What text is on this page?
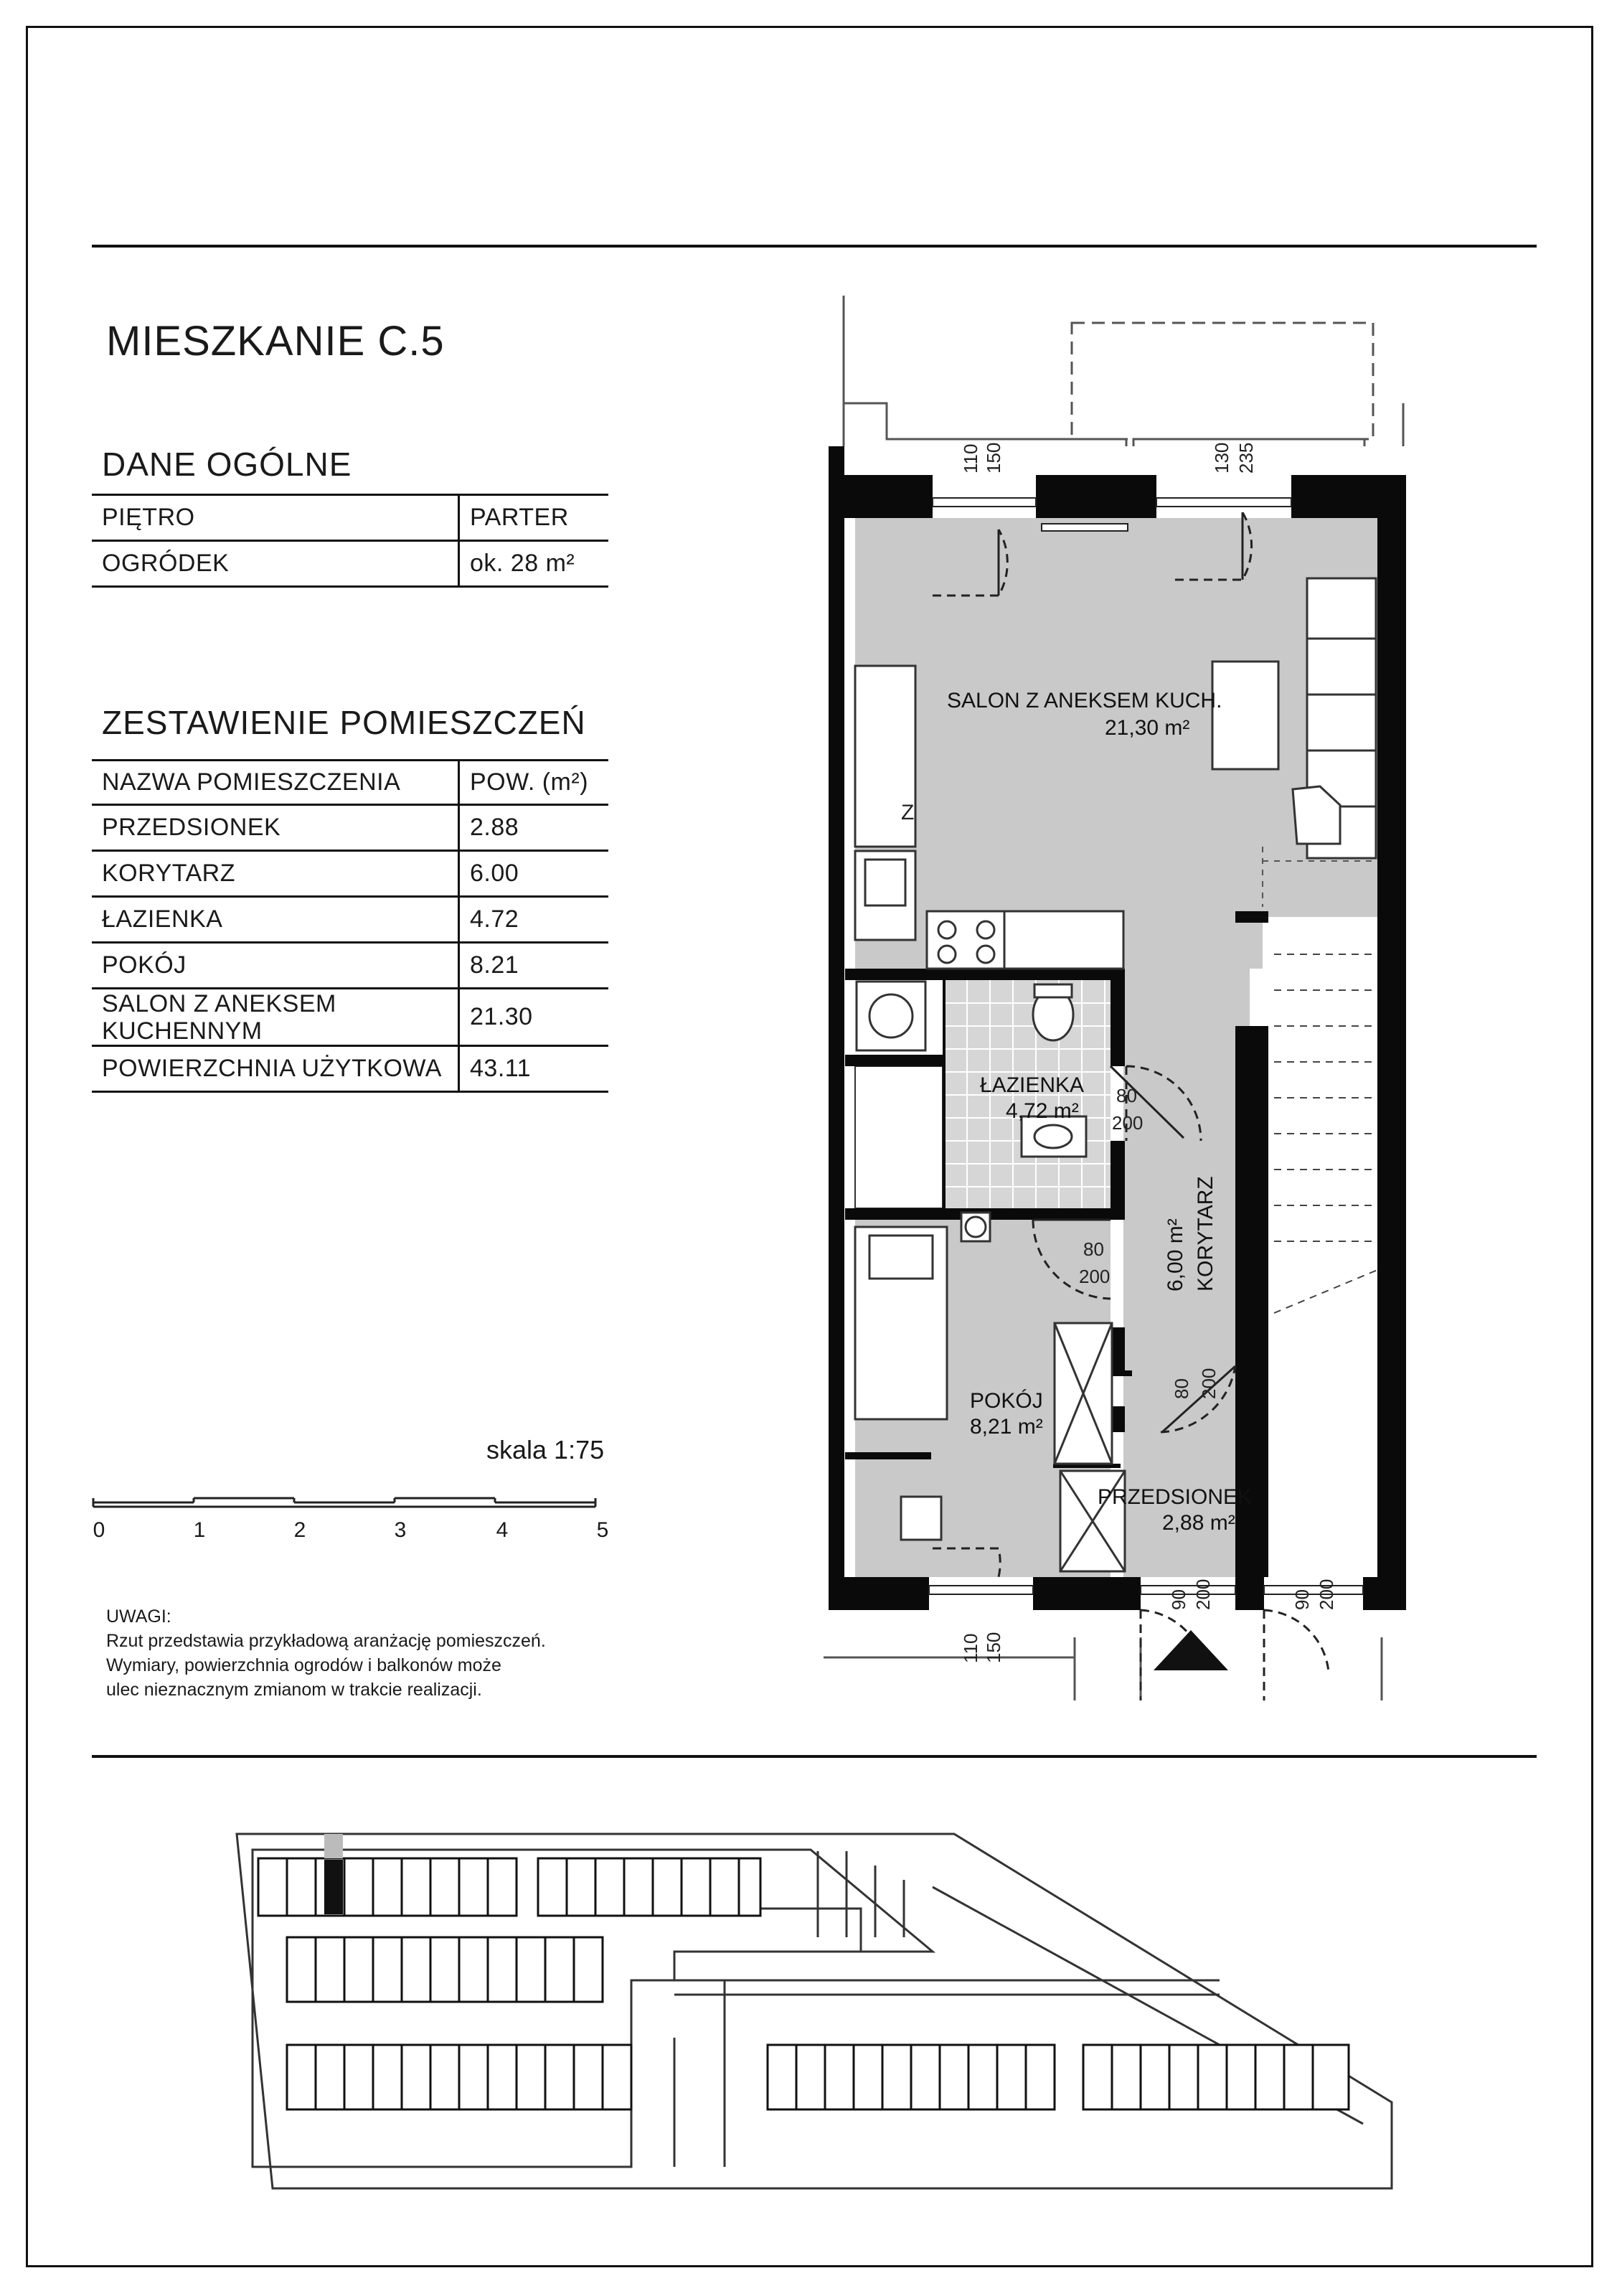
MIESZKANIE C.5
DANE OGÓLNE
PIĘTRO	PARTER
OGRÓDEK	ok. 28 m²
ZESTAWIENIE POMIESZCZEŃ
NAZWA POMIESZCZENIA	POW. (m²)
PRZEDSIONEK	2.88
KORYTARZ	6.00
ŁAZIENKA	4.72
POKÓJ	8.21

SALON Z ANEKSEM
KUCHENNYM	21.30
POWIERZCHNIA UŻYTKOWA	43.11
skala 1:75
0	1	2	3	4	5
UWAGI:
Rzut przedstawia przykładową aranżację pomieszczeń.
Wymiary, powierzchnia ogrodów i balkonów może
ulec nieznacznym zmianom w trakcie realizacji.
Z
SALON Z ANEKSEM KUCH.
21,30 m²
ŁAZIENKA
4,72 m²
POKÓJ
8,21 m²
PRZEDSIONEK
2,88 m²
KORYTARZ
6,00 m²
110 150	130 235
80
200
80
200
80 200
110 150
90 200	90 200
